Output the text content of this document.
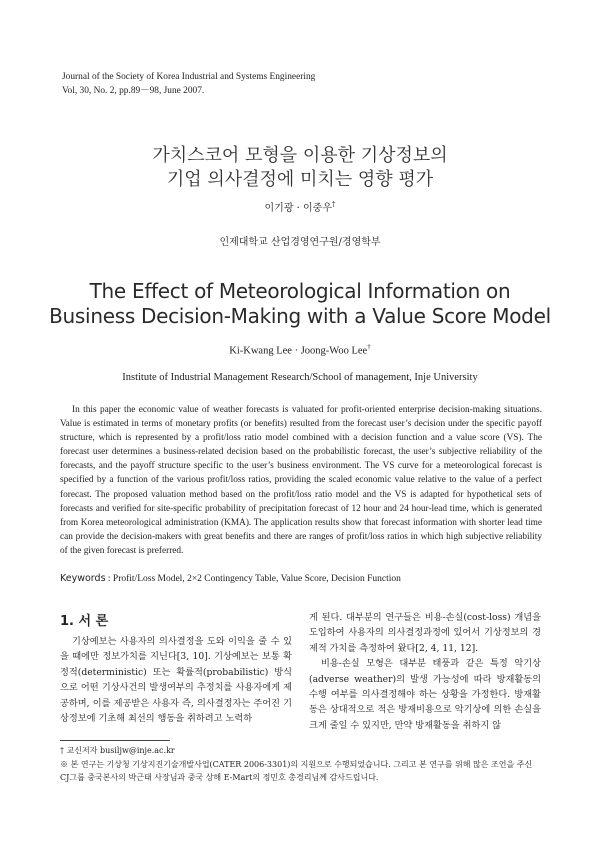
Journal of the Society of Korea Industrial and Systems Engineering
Vol, 30, No. 2, pp.89－98, June 2007.
가치스코어 모형을 이용한 기상정보의
기업 의사결정에 미치는 영향 평가
이기광 · 이중우†
인제대학교 산업경영연구원/경영학부
The Effect of Meteorological Information on
Business Decision-Making with a Value Score Model
Ki-Kwang Lee · Joong-Woo Lee†
Institute of Industrial Management Research/School of management, Inje University

In this paper the economic value of weather forecasts is valuated for profit-oriented enterprise decision-making situations. Value is estimated in terms of monetary profits (or benefits) resulted from the forecast user’s decision under the specific payoff structure, which is represented by a profit/loss ratio model combined with a decision function and a value score (VS). The forecast user determines a business-related decision based on the probabilistic forecast, the user’s subjective reliability of the forecasts, and the payoff structure specific to the user’s business environment. The VS curve for a meteorological forecast is specified by a function of the various profit/loss ratios, providing the scaled economic value relative to the value of a perfect forecast. The proposed valuation method based on the profit/loss ratio model and the VS is adapted for hypothetical sets of forecasts and verified for site-specific probability of precipitation forecast of 12 hour and 24 hour-lead time, which is generated from Korea meteorological administration (KMA). The application results show that forecast information with shorter lead time can provide the decision-makers with great benefits and there are ranges of profit/loss ratios in which high subjective reliability of the given forecast is preferred.

Keywords : Profit/Loss Model, 2×2 Contingency Table, Value Score, Decision Function
1. 서 론

기상예보는 사용자의 의사결정을 도와 이익을 줄 수 있을 때에만 정보가치를 지닌다[3, 10]. 기상예보는 보통 확정적(deterministic) 또는 확률적(probabilistic) 방식으로 어떤 기상사건의 발생여부의 추정치를 사용자에게 제공하며, 이를 제공받은 사용자 즉, 의사결정자는 주어진 기상정보에 기초해 최선의 행동을 취하려고 노력하

게 된다. 대부분의 연구들은 비용-손실(cost-loss) 개념을 도입하여 사용자의 의사결정과정에 있어서 기상정보의 경제적 가치를 측정하여 왔다[2, 4, 11, 12].

비용-손실 모형은 대부분 태풍과 같은 특정 악기상(adverse weather)의 발생 가능성에 따라 방재활동의 수행 여부를 의사결정해야 하는 상황을 가정한다. 방재활동은 상대적으로 적은 방재비용으로 악기상에 의한 손실을 크게 줄일 수 있지만, 만약 방재활동을 취하지 않

† 교신저자 busiljw@inje.ac.kr
※ 본 연구는 기상청 기상지진기술개발사업(CATER 2006-3301)의 지원으로 수행되었습니다. 그리고 본 연구를 위해 많은 조언을 주신 CJ그룹 중국본사의 박근태 사장님과 중국 상해 E-Mart의 정민호 총경리님께 감사드립니다.
